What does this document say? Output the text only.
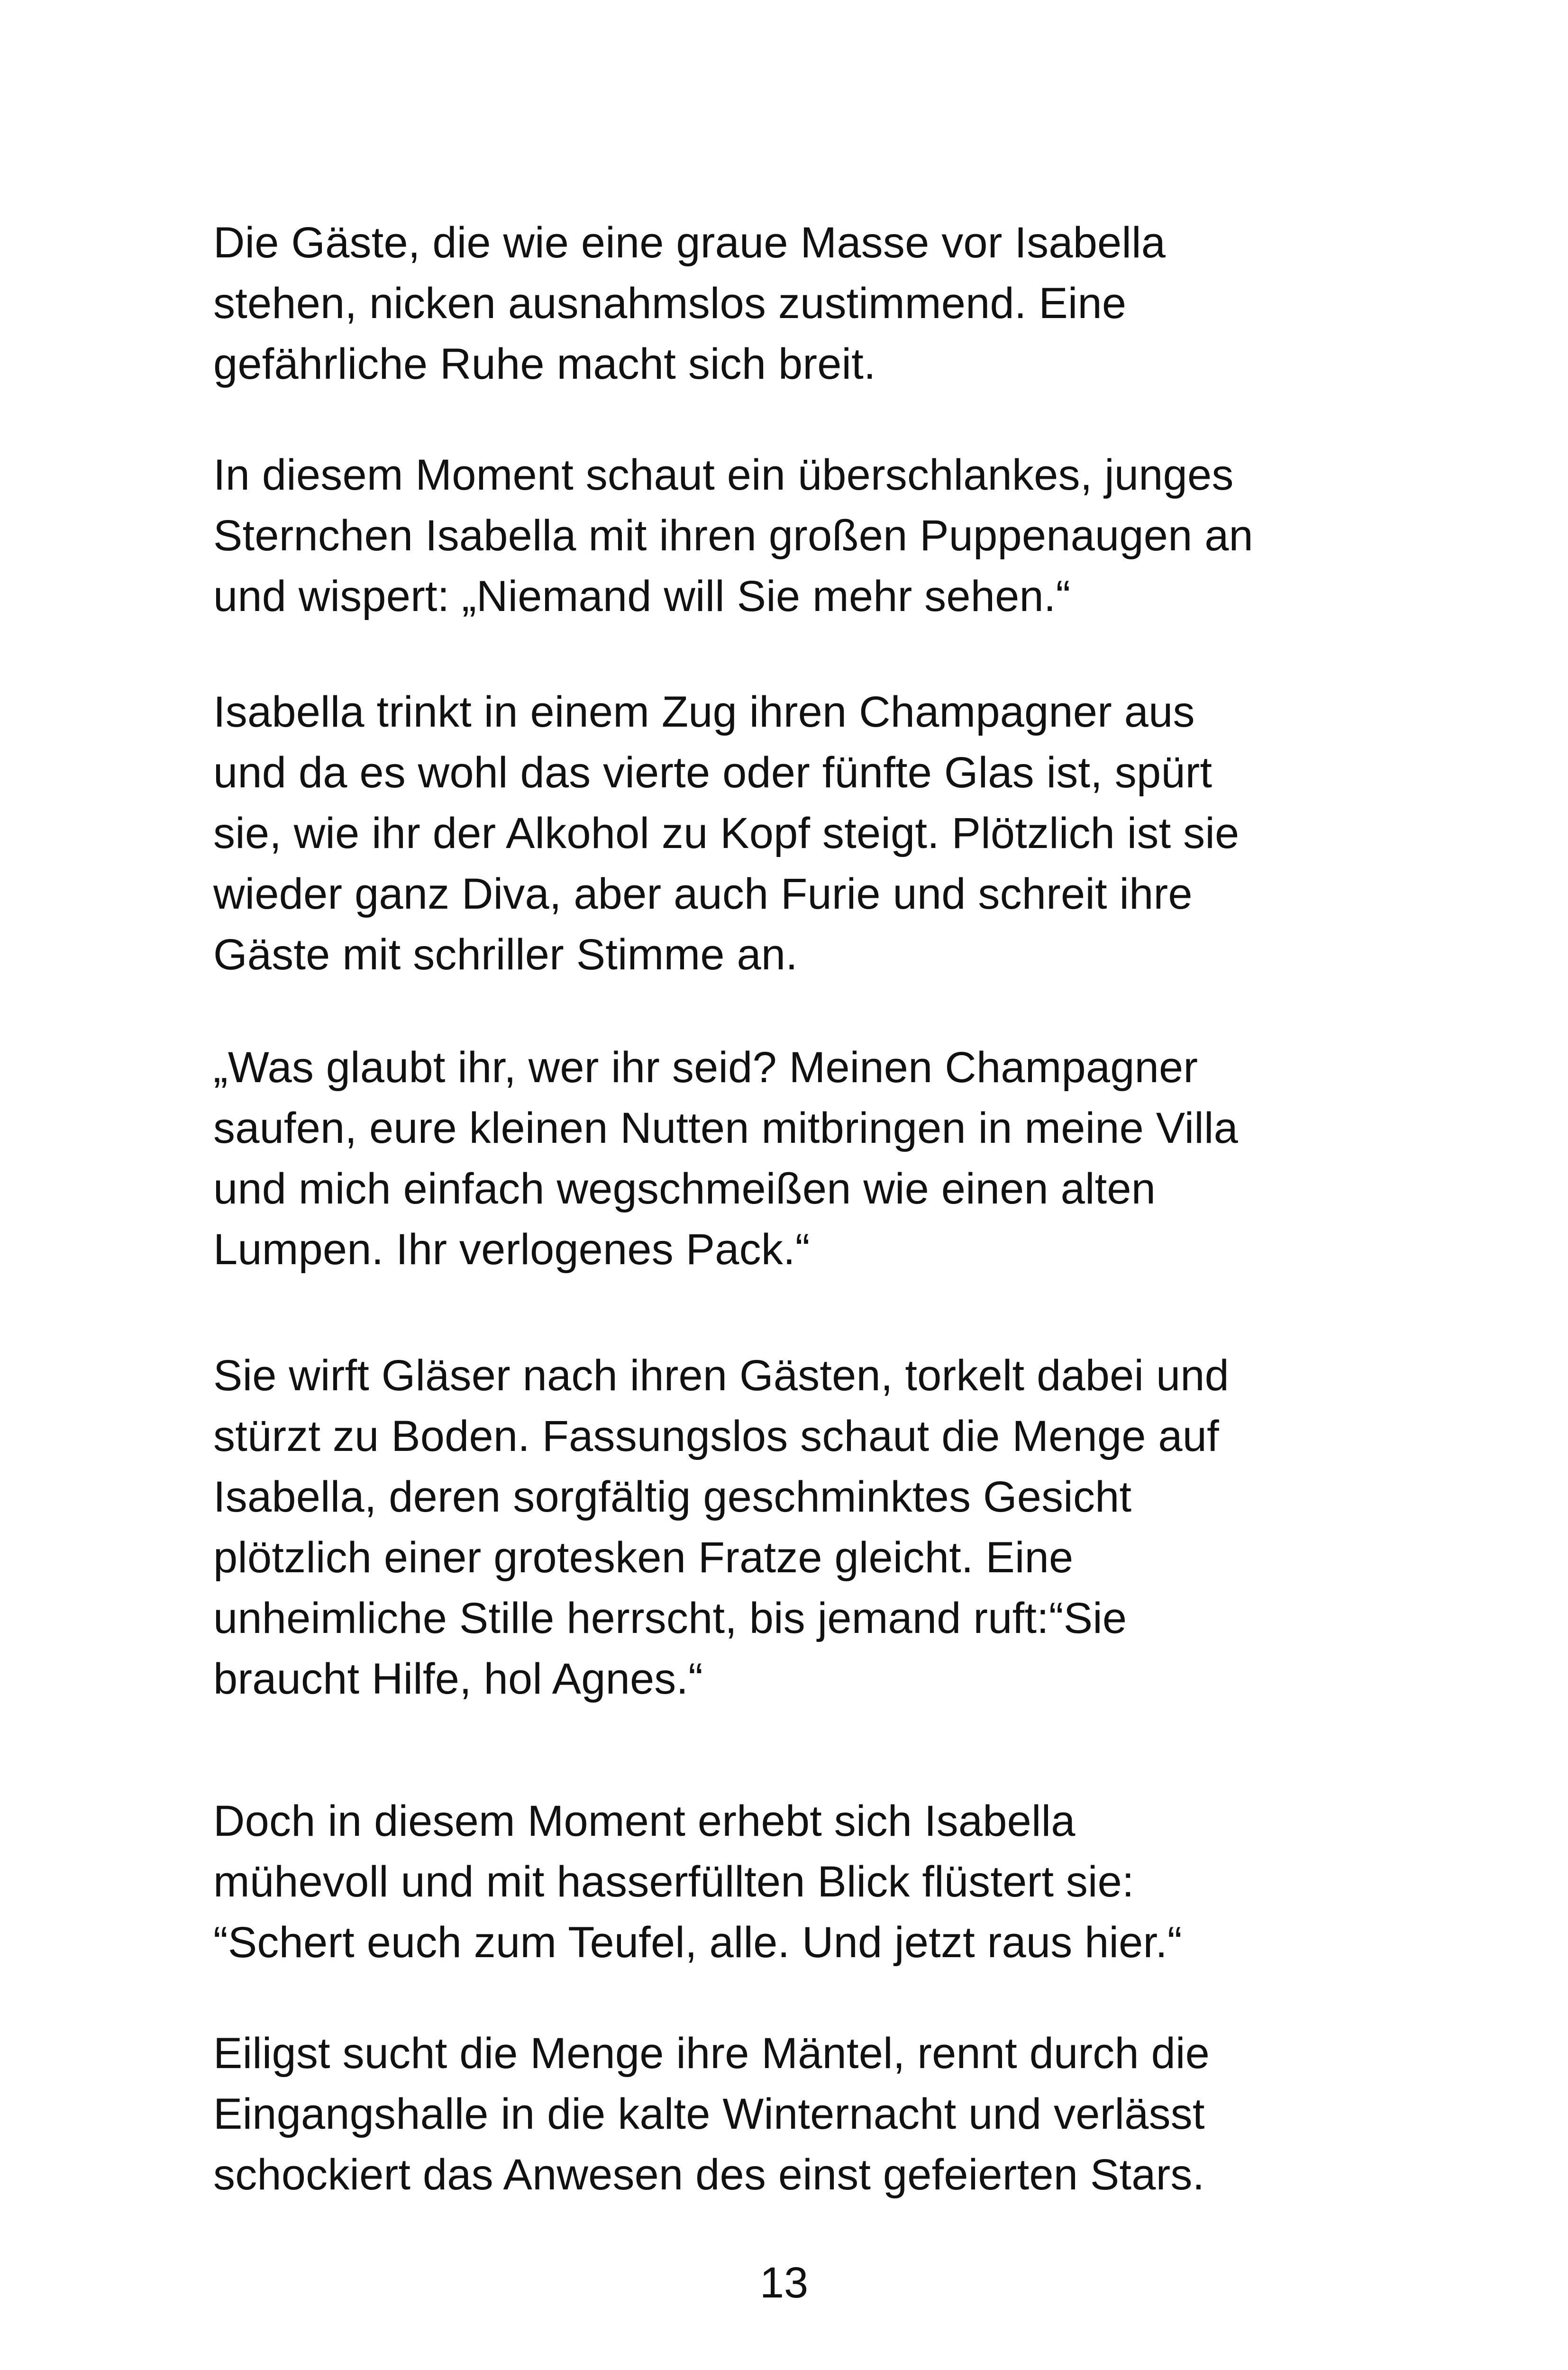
Die Gäste, die wie eine graue Masse vor Isabella
stehen, nicken ausnahmslos zustimmend. Eine
gefährliche Ruhe macht sich breit.
In diesem Moment schaut ein überschlankes, junges
Sternchen Isabella mit ihren großen Puppenaugen an
und wispert: „Niemand will Sie mehr sehen.“
Isabella trinkt in einem Zug ihren Champagner aus
und da es wohl das vierte oder fünfte Glas ist, spürt
sie, wie ihr der Alkohol zu Kopf steigt. Plötzlich ist sie
wieder ganz Diva, aber auch Furie und schreit ihre
Gäste mit schriller Stimme an.
„Was glaubt ihr, wer ihr seid? Meinen Champagner
saufen, eure kleinen Nutten mitbringen in meine Villa
und mich einfach wegschmeißen wie einen alten
Lumpen. Ihr verlogenes Pack.“
Sie wirft Gläser nach ihren Gästen, torkelt dabei und
stürzt zu Boden. Fassungslos schaut die Menge auf
Isabella, deren sorgfältig geschminktes Gesicht
plötzlich einer grotesken Fratze gleicht. Eine
unheimliche Stille herrscht, bis jemand ruft:“Sie
braucht Hilfe, hol Agnes.“
Doch in diesem Moment erhebt sich Isabella
mühevoll und mit hasserfüllten Blick flüstert sie:
“Schert euch zum Teufel, alle. Und jetzt raus hier.“
Eiligst sucht die Menge ihre Mäntel, rennt durch die
Eingangshalle in die kalte Winternacht und verlässt
schockiert das Anwesen des einst gefeierten Stars.
13
